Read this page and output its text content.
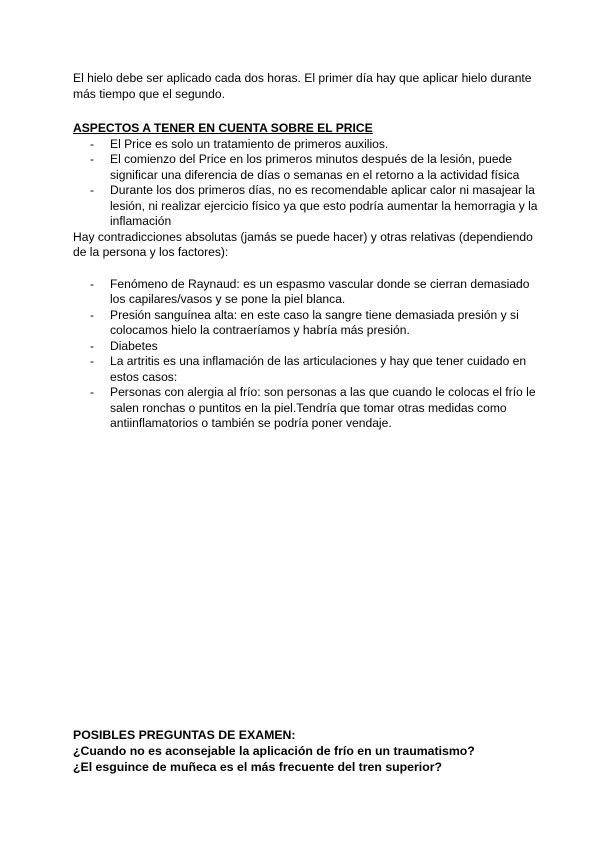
El hielo debe ser aplicado cada dos horas. El primer día hay que aplicar hielo durante más tiempo que el segundo.

ASPECTOS A TENER EN CUENTA SOBRE EL PRICE

- El Price es solo un tratamiento de primeros auxilios.
- El comienzo del Price en los primeros minutos después de la lesión, puede significar una diferencia de días o semanas en el retorno a la actividad física
- Durante los dos primeros días, no es recomendable aplicar calor ni masajear la lesión, ni realizar ejercicio físico ya que esto podría aumentar la hemorragia y la inflamación

Hay contradicciones absolutas (jamás se puede hacer) y otras relativas (dependiendo de la persona y los factores):

- Fenómeno de Raynaud: es un espasmo vascular donde se cierran demasiado los capilares/vasos y se pone la piel blanca.
- Presión sanguínea alta: en este caso la sangre tiene demasiada presión y si colocamos hielo la contraeríamos y habría más presión.
- Diabetes
- La artritis es una inflamación de las articulaciones y hay que tener cuidado en estos casos:
- Personas con alergia al frío: son personas a las que cuando le colocas el frío le salen ronchas o puntitos en la piel.Tendría que tomar otras medidas como antiinflamatorios o también se podría poner vendaje.

POSIBLES PREGUNTAS DE EXAMEN:

¿Cuando no es aconsejable la aplicación de frío en un traumatismo?

¿El esguince de muñeca es el más frecuente del tren superior?
